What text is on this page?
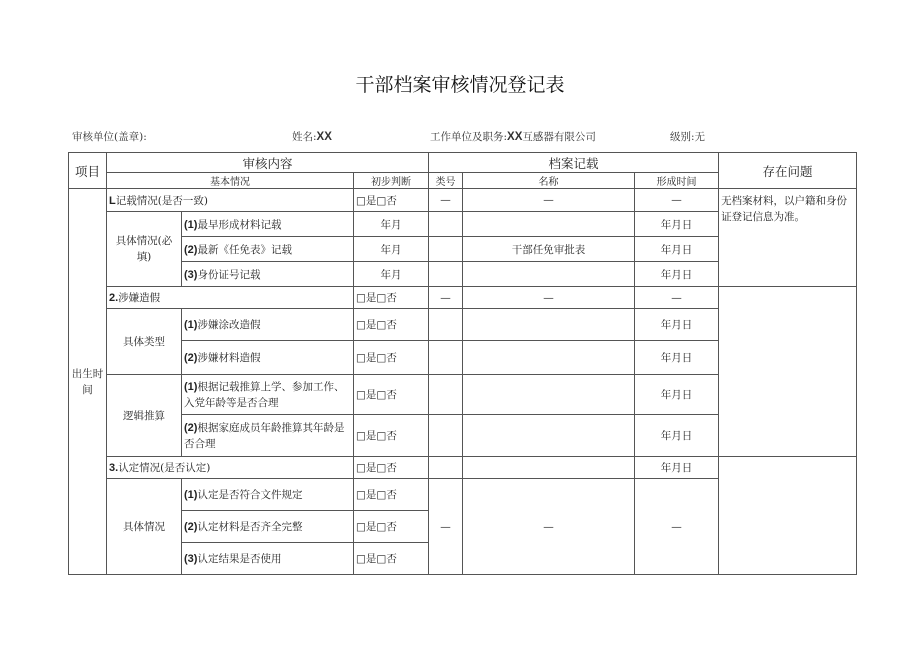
干部档案审核情况登记表
审核单位(盖章):	姓名:XX	工作单位及职务:XX互感器有限公司	级别:无
项目	审核内容			档案记载			存在问题
	基本情况		初步判断	类号	名称	形成时间	
出生时间	L记载情况(是否一致)		□是□否	—	—	—	无档案材料，以户籍和身份证登记信息为准。
	具体情况(必填)	(1)最早形成材料记载	年月			年月日	
		(2)最新《任免表》记载	年月		干部任免审批表	年月日	
		(3)身份证号记载	年月			年月日	
	2.涉嫌造假		□是□否	—	—	—	
	具体类型	(1)涉嫌涂改造假	□是□否			年月日	
		(2)涉嫌材料造假	□是□否			年月日	
	逻辑推算	(1)根据记载推算上学、参加工作、入党年龄等是否合理	□是□否			年月日	
		(2)根据家庭成员年龄推算其年龄是否合理	□是□否			年月日	
	3.认定情况(是否认定)		□是□否			年月日	
	具体情况	(1)认定是否符合文件规定	□是□否	—	—	—	
		(2)认定材料是否齐全完整	□是□否				
		(3)认定结果是否使用	□是□否				
